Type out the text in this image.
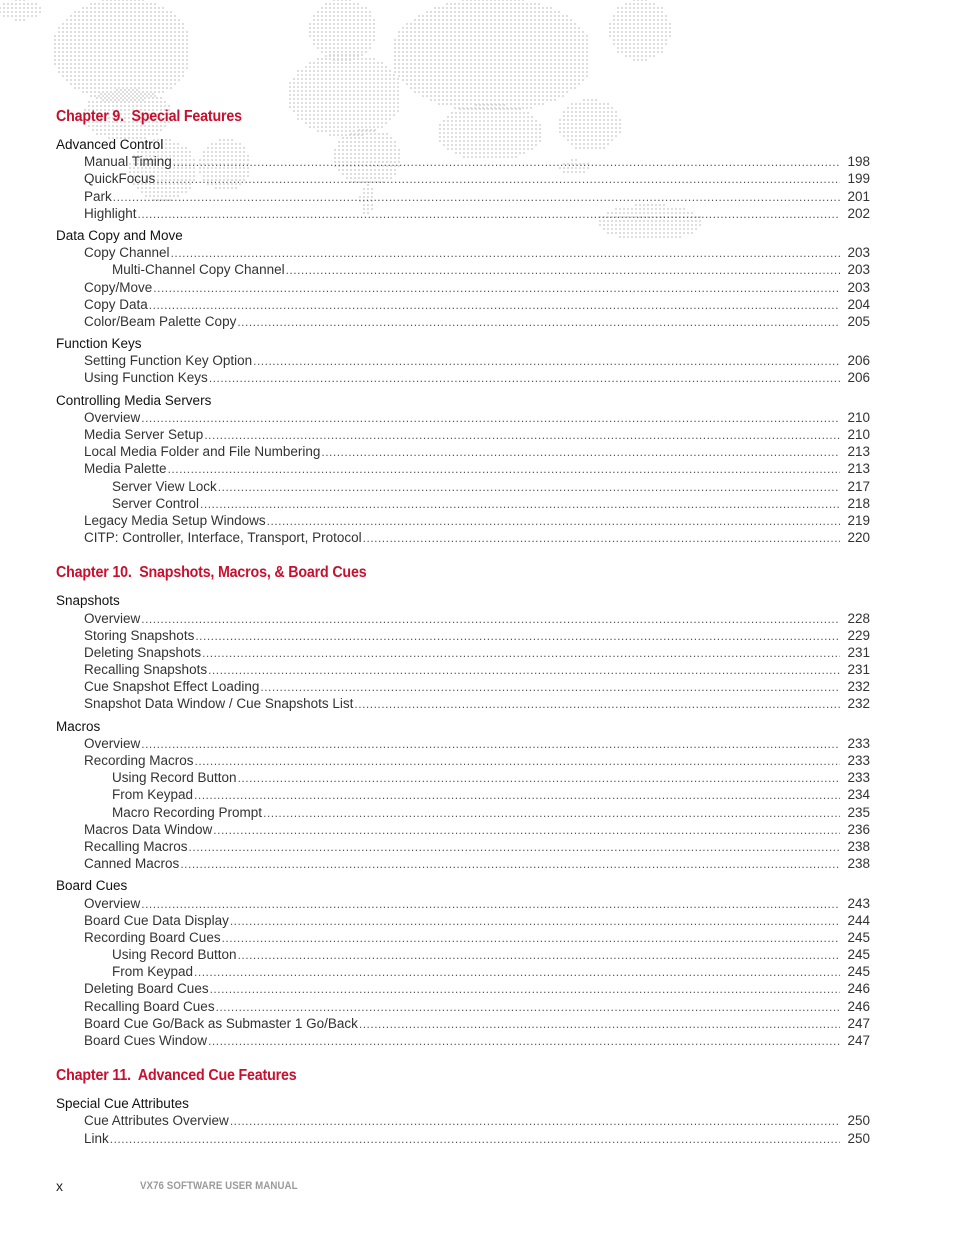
Chapter 9.  Special Features
Advanced Control
Manual Timing .....	198
QuickFocus .....	199
Park .....	201
Highlight .....	202
Data Copy and Move
Copy Channel .....	203
Multi-Channel Copy Channel .....	203
Copy/Move .....	203
Copy Data .....	204
Color/Beam Palette Copy .....	205
Function Keys
Setting Function Key Option .....	206
Using Function Keys .....	206
Controlling Media Servers
Overview .....	210
Media Server Setup .....	210
Local Media Folder and File Numbering .....	213
Media Palette .....	213
Server View Lock .....	217
Server Control .....	218
Legacy Media Setup Windows .....	219
CITP: Controller, Interface, Transport, Protocol .....	220
Chapter 10.  Snapshots, Macros, & Board Cues
Snapshots
Overview .....	228
Storing Snapshots .....	229
Deleting Snapshots .....	231
Recalling Snapshots .....	231
Cue Snapshot Effect Loading .....	232
Snapshot Data Window / Cue Snapshots List .....	232
Macros
Overview .....	233
Recording Macros .....	233
Using Record Button .....	233
From Keypad .....	234
Macro Recording Prompt .....	235
Macros Data Window .....	236
Recalling Macros .....	238
Canned Macros .....	238
Board Cues
Overview .....	243
Board Cue Data Display .....	244
Recording Board Cues .....	245
Using Record Button .....	245
From Keypad .....	245
Deleting Board Cues .....	246
Recalling Board Cues .....	246
Board Cue Go/Back as Submaster 1 Go/Back .....	247
Board Cues Window .....	247
Chapter 11.  Advanced Cue Features
Special Cue Attributes
Cue Attributes Overview .....	250
Link .....	250
x	VX76 SOFTWARE USER MANUAL
